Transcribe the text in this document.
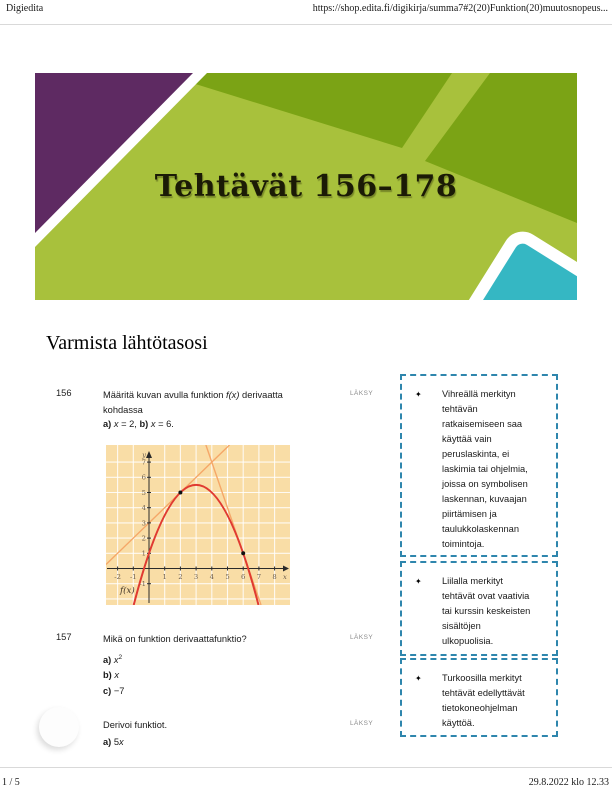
Digiedita	https://shop.edita.fi/digikirja/summa7#2(20)Funktion(20)muutosnopeus...
Tehtävät 156–178
Varmista lähtötasosi
156	Määritä kuvan avulla funktion f(x) derivaatta
kohdassa
a) x = 2, b) x = 6.
LÄKSY
-2 -1	1 2 3 4 5 6 7 8
-1
1
2
3
4
5
6
7
x
y
f(x)
157	Mikä on funktion derivaattafunktio?
a) $x^2$
b) x
c) −7
LÄKSY
Derivoi funktiot.
a) 5x
LÄKSY
✦	Vihreällä merkityn
tehtävän
ratkaisemiseen saa
käyttää vain
peruslaskinta, ei
laskimia tai ohjelmia,
joissa on symbolisen
laskennan, kuvaajan
piirtämisen ja
taulukkolaskennan
toimintoja.
✦	Liilalla merkityt
tehtävät ovat vaativia
tai kurssin keskeisten
sisältöjen
ulkopuolisia.
✦	Turkoosilla merkityt
tehtävät edellyttävät
tietokoneohjelman
käyttöä.
1 / 5	29.8.2022 klo 12.33
